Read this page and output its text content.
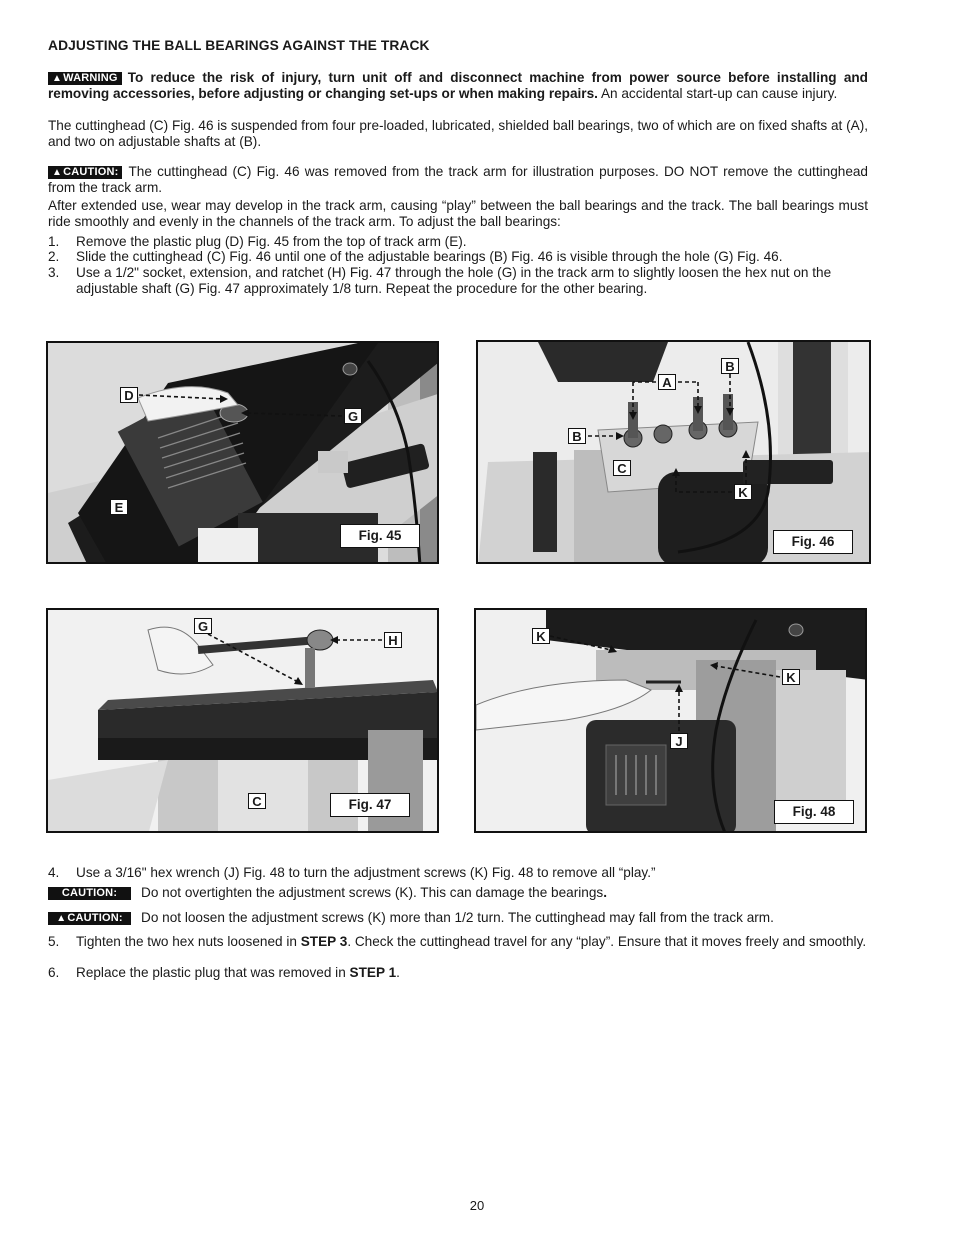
ADJUSTING THE BALL BEARINGS AGAINST THE TRACK

▲WARNING To reduce the risk of injury, turn unit off and disconnect machine from power source before installing and removing accessories, before adjusting or changing set-ups or when making repairs. An accidental start-up can cause injury.

The cuttinghead (C) Fig. 46 is suspended from four pre-loaded, lubricated, shielded ball bearings, two of which are on fixed shafts at (A), and two on adjustable shafts at (B).

▲CAUTION: The cuttinghead (C) Fig. 46 was removed from the track arm for illustration purposes. DO NOT remove the cuttinghead from the track arm.

After extended use, wear may develop in the track arm, causing “play” between the ball bearings and the track. The ball bearings must ride smoothly and evenly in the channels of the track arm. To adjust the ball bearings:

1. Remove the plastic plug (D) Fig. 45 from the top of track arm (E).
2. Slide the cuttinghead (C) Fig. 46 until one of the adjustable bearings (B) Fig. 46 is visible through the hole (G) Fig. 46.
3. Use a 1/2" socket, extension, and ratchet (H) Fig. 47 through the hole (G) in the track arm to slightly loosen the hex nut on the adjustable shaft (G) Fig. 47 approximately 1/8 turn. Repeat the procedure for the other bearing.
D
G
E
Fig. 45
A
B
B
C
K
Fig. 46
G
H
C	Fig. 47
K
K
J
Fig. 48
4. Use a 3/16" hex wrench (J) Fig. 48 to turn the adjustment screws (K) Fig. 48 to remove all “play.”
CAUTION: Do not overtighten the adjustment screws (K). This can damage the bearings.
▲CAUTION: Do not loosen the adjustment screws (K) more than 1/2 turn. The cuttinghead may fall from the track arm.
5. Tighten the two hex nuts loosened in STEP 3. Check the cuttinghead travel for any “play”. Ensure that it moves freely and smoothly.
6. Replace the plastic plug that was removed in STEP 1.
20
